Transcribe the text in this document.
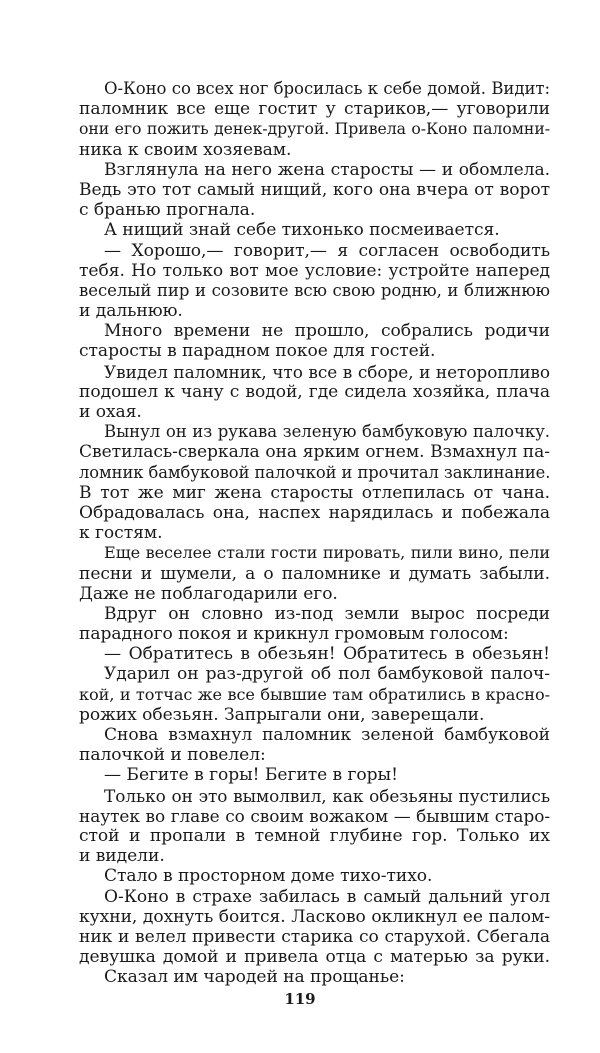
О-Коно со всех ног бросилась к себе домой. Видит:
паломник все еще гостит у стариков,— уговорили
они его пожить денек-другой. Привела о-Коно паломни-
ника к своим хозяевам.
Взглянула на него жена старосты — и обомлела.
Ведь это тот самый нищий, кого она вчера от ворот
с бранью прогнала.
А нищий знай себе тихонько посмеивается.
— Хорошо,— говорит,— я согласен освободить
тебя. Но только вот мое условие: устройте наперед
веселый пир и созовите всю свою родню, и ближнюю
и дальнюю.
Много времени не прошло, собрались родичи
старосты в парадном покое для гостей.
Увидел паломник, что все в сборе, и неторопливо
подошел к чану с водой, где сидела хозяйка, плача
и охая.
Вынул он из рукава зеленую бамбуковую палочку.
Светилась-сверкала она ярким огнем. Взмахнул па-
ломник бамбуковой палочкой и прочитал заклинание.
В тот же миг жена старосты отлепилась от чана.
Обрадовалась она, наспех нарядилась и побежала
к гостям.
Еще веселее стали гости пировать, пили вино, пели
песни и шумели, а о паломнике и думать забыли.
Даже не поблагодарили его.
Вдруг он словно из-под земли вырос посреди
парадного покоя и крикнул громовым голосом:
— Обратитесь в обезьян! Обратитесь в обезьян!
Ударил он раз-другой об пол бамбуковой палоч-
кой, и тотчас же все бывшие там обратились в красно-
рожих обезьян. Запрыгали они, заверещали.
Снова взмахнул паломник зеленой бамбуковой
палочкой и повелел:
— Бегите в горы! Бегите в горы!
Только он это вымолвил, как обезьяны пустились
наутек во главе со своим вожаком — бывшим старо-
стой и пропали в темной глубине гор. Только их
и видели.
Стало в просторном доме тихо-тихо.
О-Коно в страхе забилась в самый дальний угол
кухни, дохнуть боится. Ласково окликнул ее палом-
ник и велел привести старика со старухой. Сбегала
девушка домой и привела отца с матерью за руки.
Сказал им чародей на прощанье:
119
